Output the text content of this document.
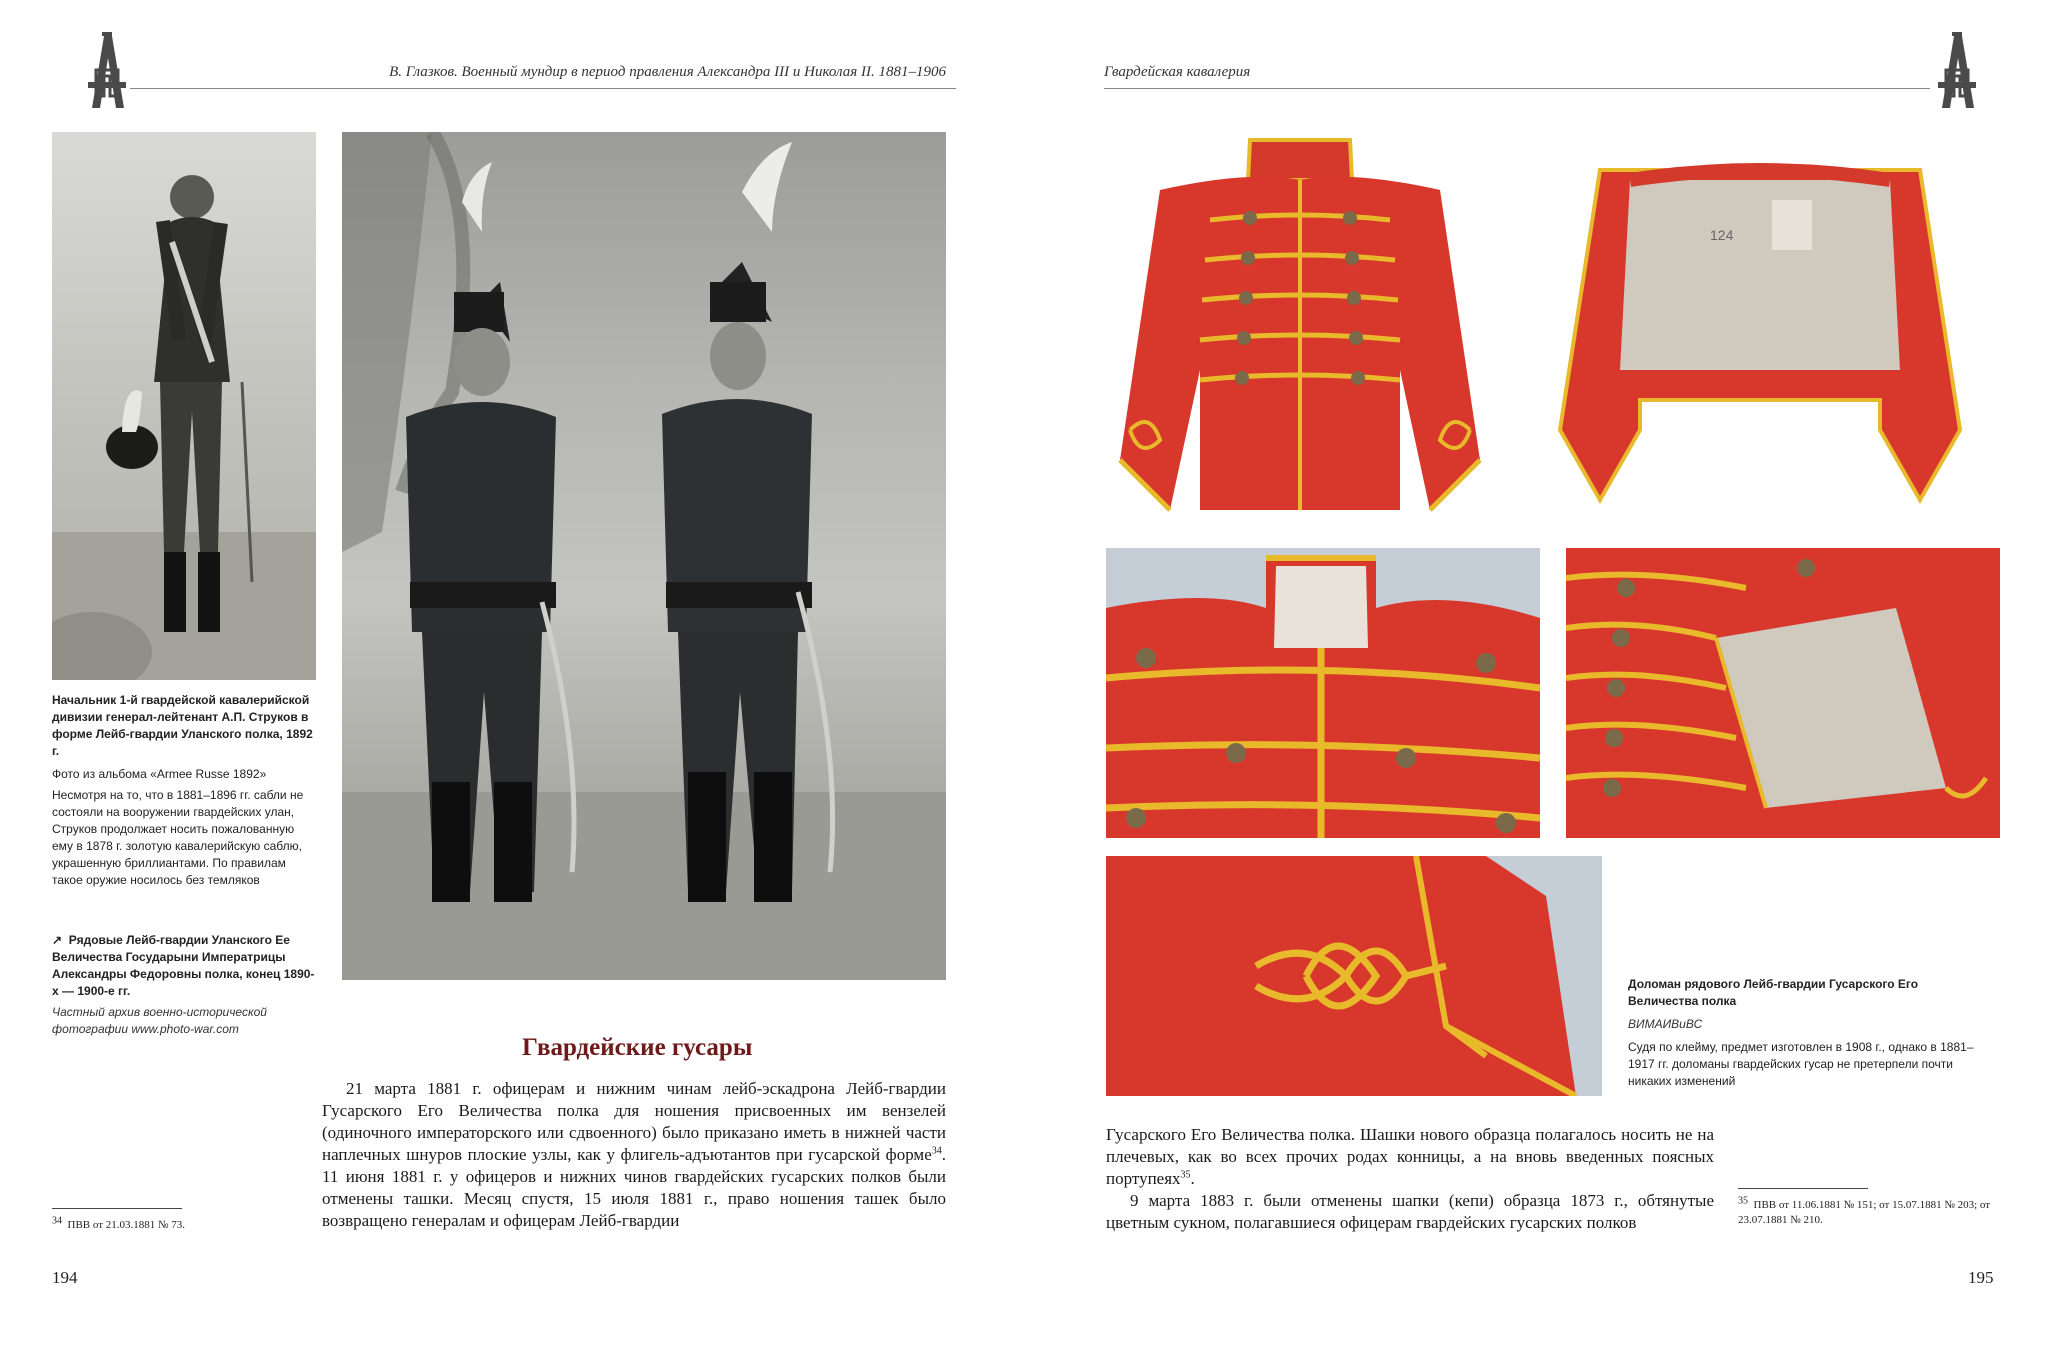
В. Глазков. Военный мундир в период правления Александра III и Николая II. 1881–1906

Начальник 1-й гвардейской кавалерийской дивизии генерал-лейтенант А.П. Струков в форме Лейб-гвардии Уланского полка, 1892 г.

Фото из альбома «Armee Russe 1892»

Несмотря на то, что в 1881–1896 гг. сабли не состояли на вооружении гвардейских улан, Струков продолжает носить пожалованную ему в 1878 г. золотую кавалерийскую саблю, украшенную бриллиантами. По правилам такое оружие носилось без темляков

↗ Рядовые Лейб-гвардии Уланского Ее Величества Государыни Императрицы Александры Федоровны полка, конец 1890-х — 1900-е гг.

Частный архив военно-исторической фотографии www.photo-war.com

Гвардейские гусары

21 марта 1881 г. офицерам и нижним чинам лейб-эскадрона Лейб-гвардии Гусарского Его Величества полка для ношения присвоенных им вензелей (одиночного императорского или сдвоенного) было приказано иметь в нижней части наплечных шнуров плоские узлы, как у флигель-адъютантов при гусарской форме$^{34}$. 11 июня 1881 г. у офицеров и нижних чинов гвардейских гусарских полков были отменены ташки. Месяц спустя, 15 июля 1881 г., право ношения ташек было возвращено генералам и офицерам Лейб-гвардии

$^{34}$ ПВВ от 21.03.1881 № 73.
194
Гвардейская кавалерия
124

Доломан рядового Лейб-гвардии Гусарского Его Величества полка

ВИМАИВиВС

Судя по клейму, предмет изготовлен в 1908 г., однако в 1881–1917 гг. доломаны гвардейских гусар не претерпели почти никаких изменений

Гусарского Его Величества полка. Шашки нового образца полагалось носить не на плечевых, как во всех прочих родах конницы, а на вновь введенных поясных портупеях$^{35}$.

9 марта 1883 г. были отменены шапки (кепи) образца 1873 г., обтянутые цветным сукном, полагавшиеся офицерам гвардейских гусарских полков

$^{35}$ ПВВ от 11.06.1881 № 151; от 15.07.1881 № 203; от 23.07.1881 № 210.
195
